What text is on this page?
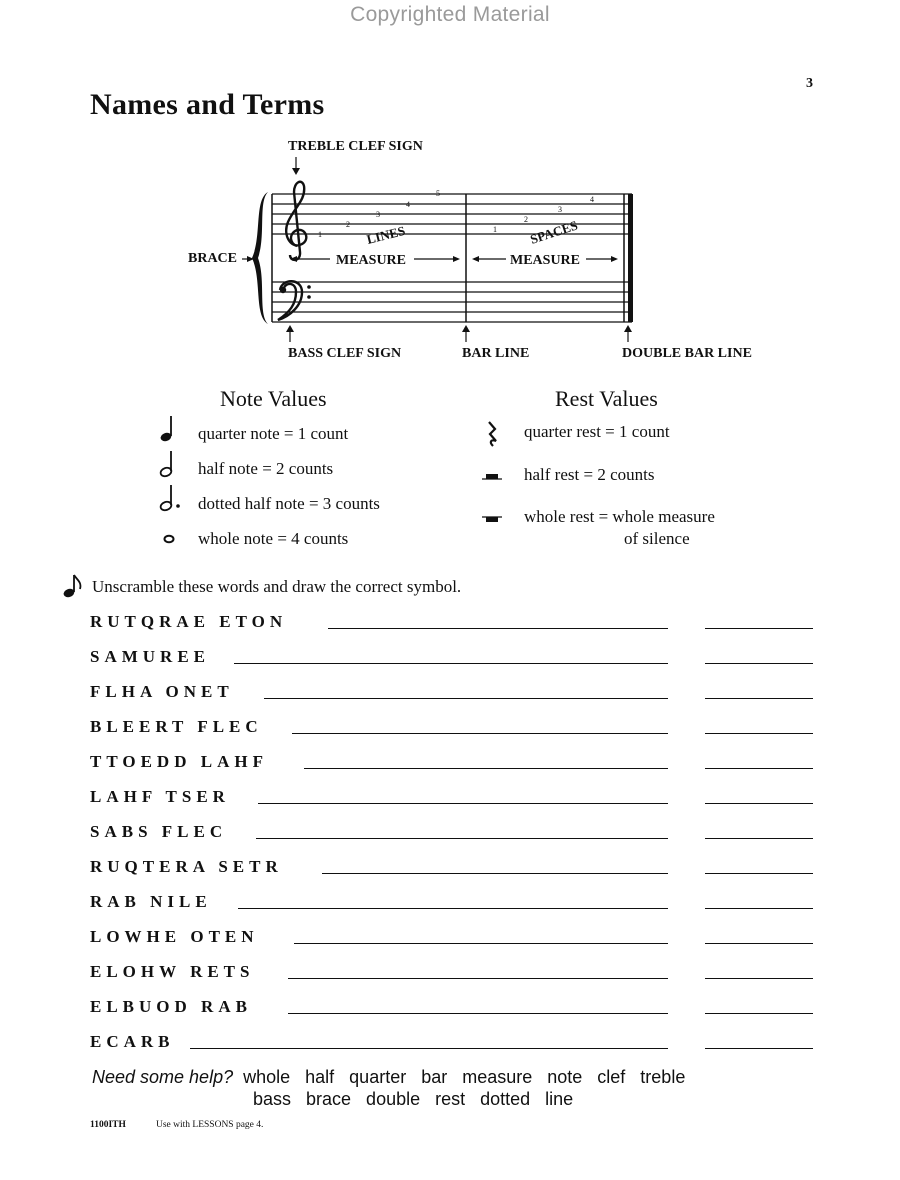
Copyrighted Material
3
Names and Terms
1
2
3
4
5
1
2
3
4
LINES	SPACES
MEASURE	MEASURE
TREBLE CLEF SIGN
BRACE
BASS CLEF SIGN	BAR LINE	DOUBLE BAR LINE
Note Values
quarter note = 1 count
half note = 2 counts
dotted half note = 3 counts
whole note = 4 counts
Rest Values
quarter rest = 1 count
half rest = 2 counts
whole rest = whole measure
of silence
Unscramble these words and draw the correct symbol.
RUTQRAE ETON
SAMUREE
FLHA ONET
BLEERT FLEC
TTOEDD LAHF
LAHF TSER
SABS FLEC
RUQTERA SETR
RAB NILE
LOWHE OTEN
ELOHW RETS
ELBUOD RAB
ECARB
Need some help? whole   half   quarter   bar   measure   note   clef   treble
bass   brace   double   rest   dotted   line
1100ITH	Use with LESSONS page 4.
